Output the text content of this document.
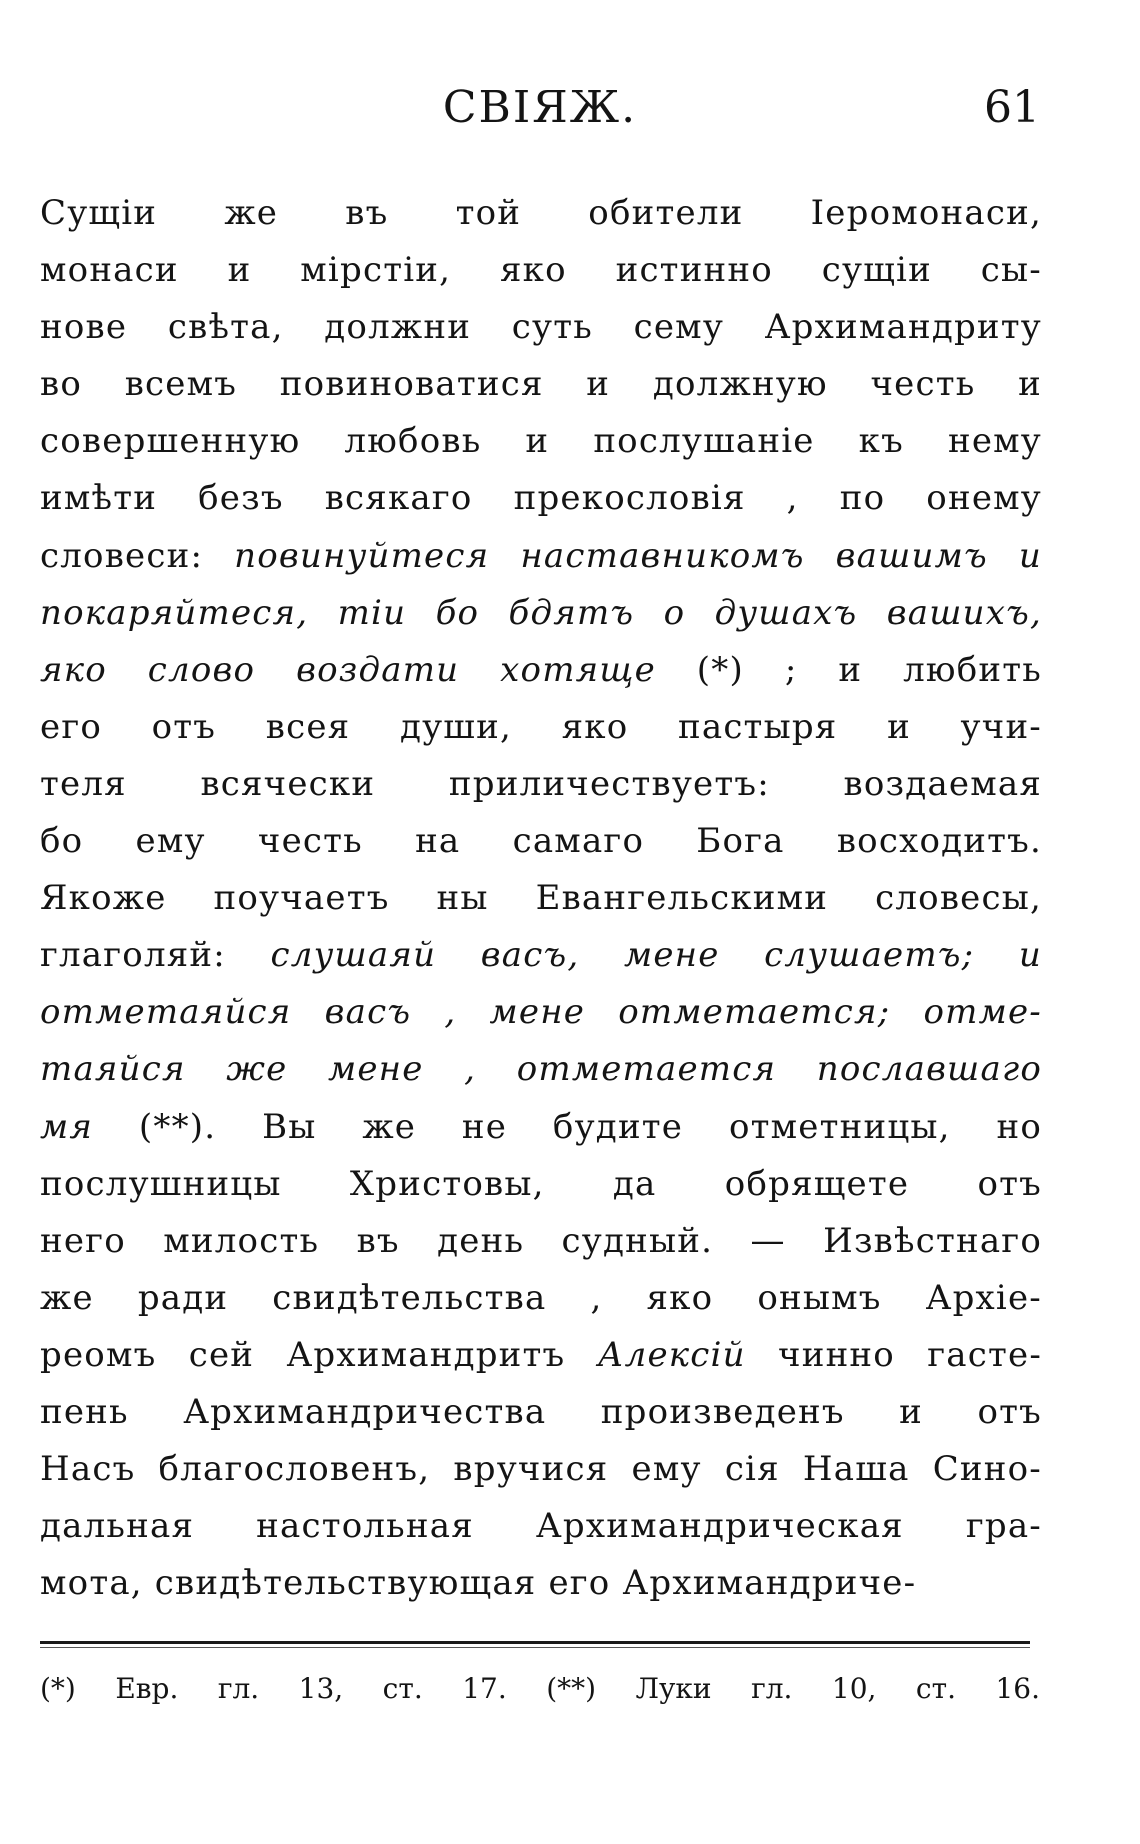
СВІЯЖ.	61
Сущіи же въ той обители Іеромонаси,
монаси и мірстіи, яко истинно сущіи сы-
нове свѣта, должни суть сему Архимандриту
во всемъ повиноватися и должную честь и
совершенную любовь и послушаніе къ нему
имѣти безъ всякаго прекословія , по онему
словеси: повинуйтеся наставникомъ вашимъ и
покаряйтеся, тіи бо бдятъ о душахъ вашихъ,
яко слово воздати хотяще (*) ; и любить
его отъ всея души, яко пастыря и учи-
теля всячески приличествуетъ: воздаемая
бо ему честь на самаго Бога восходитъ.
Якоже поучаетъ ны Евангельскими словесы,
глаголяй: слушаяй васъ, мене слушаетъ; и
отметаяйся васъ , мене отметается; отме-
таяйся же мене , отметается пославшаго
мя (**). Вы же не будите отметницы, но
послушницы Христовы, да обрящете отъ
него милость въ день судный. — Извѣстнаго
же ради свидѣтельства , яко онымъ Архіе-
реомъ сей Архимандритъ Алексій чинно гасте-
пень Архимандричества произведенъ и отъ
Насъ благословенъ, вручися ему сія Наша Сино-
дальная настольная Архимандрическая гра-
мота, свидѣтельствующая его Архимандриче-
(*) Евр. гл. 13, ст. 17. (**) Луки гл. 10, ст. 16.
